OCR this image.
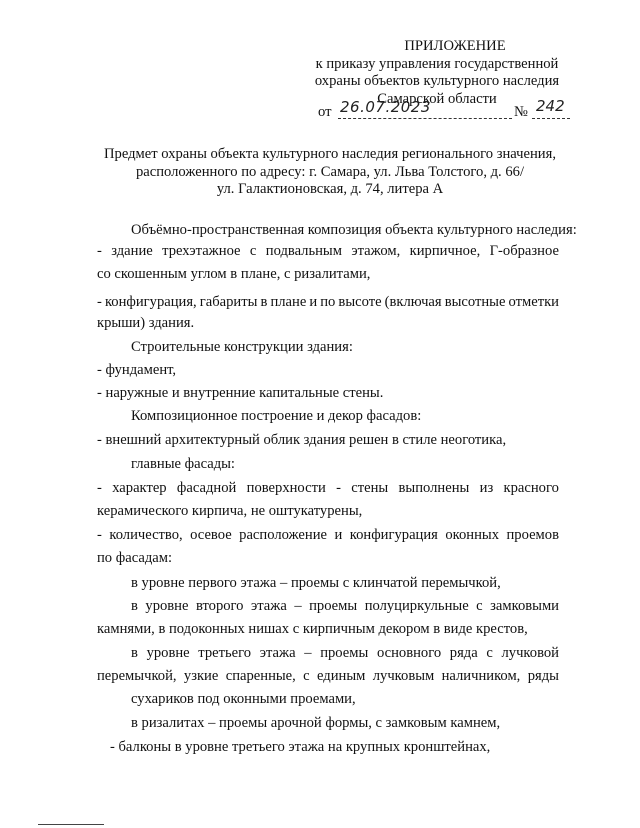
ПРИЛОЖЕНИЕ
к приказу управления государственной
охраны объектов культурного наследия
Самарской области
от 26.07.2023	№ 242
Предмет охраны объекта культурного наследия регионального значения,
расположенного по адресу: г. Самара, ул. Льва Толстого, д. 66/
ул. Галактионовская, д. 74, литера А
Объёмно-пространственная композиция объекта культурного наследия:
- здание трехэтажное с подвальным этажом, кирпичное, Г-образное
со скошенным углом в плане, с ризалитами,
- конфигурация, габариты в плане и по высоте (включая высотные отметки
крыши) здания.
Строительные конструкции здания:
- фундамент,
- наружные и внутренние капитальные стены.
Композиционное построение и декор фасадов:
- внешний архитектурный облик здания решен в стиле неоготика,
главные фасады:
- характер фасадной поверхности - стены выполнены из красного
керамического кирпича, не оштукатурены,
- количество, осевое расположение и конфигурация оконных проемов
по фасадам:
в уровне первого этажа – проемы с клинчатой перемычкой,
в уровне второго этажа – проемы полуциркульные с замковыми
камнями, в подоконных нишах с кирпичным декором в виде крестов,
в уровне третьего этажа – проемы основного ряда с лучковой
перемычкой, узкие спаренные, с единым лучковым наличником, ряды
сухариков под оконными проемами,
в ризалитах – проемы арочной формы, с замковым камнем,
- балконы в уровне третьего этажа на крупных кронштейнах,
